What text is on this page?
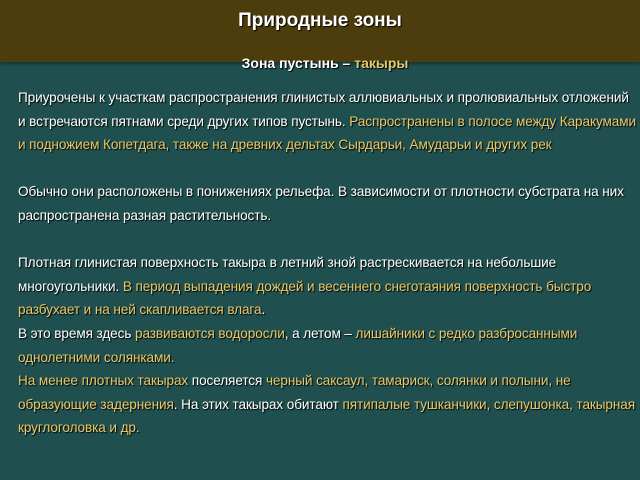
Природные зоны
Зона пустынь – такыры

Приурочены к участкам распространения глинистых аллювиальных и пролювиальных отложений и встречаются пятнами среди других типов пустынь. Распространены в полосе между Каракумами и подножием Копетдага, также на древних дельтах Сырдарьи, Амударьи и других рек

Обычно они расположены в понижениях рельефа. В зависимости от плотности субстрата на них распространена разная растительность.

Плотная глинистая поверхность такыра в летний зной растрескивается на небольшие многоугольники. В период выпадения дождей и весеннего снеготаяния поверхность быстро разбухает и на ней скапливается влага.

В это время здесь развиваются водоросли, а летом – лишайники с редко разбросанными однолетними солянками.

На менее плотных такырах поселяется черный саксаул, тамариск, солянки и полыни, не образующие задернения. На этих такырах обитают пятипалые тушканчики, слепушонка, такырная круглоголовка и др.
